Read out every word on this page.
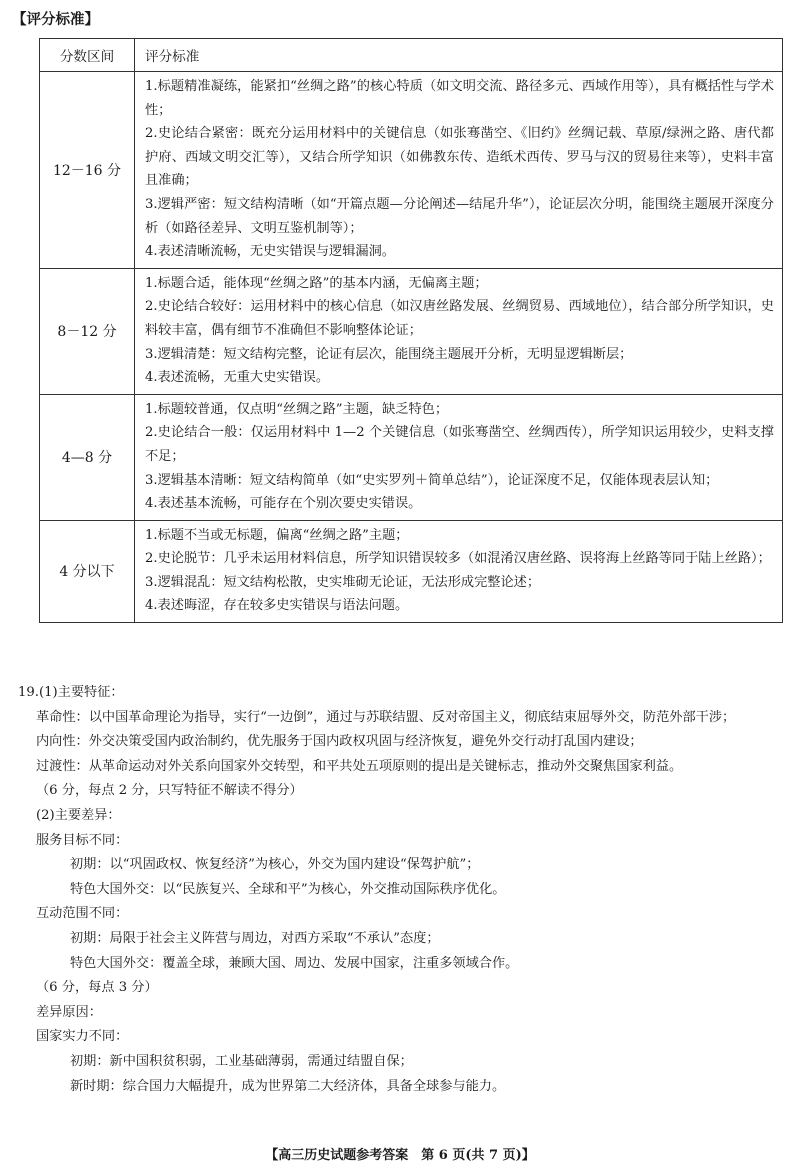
【评分标准】
分数区间	评分标准
12－16 分	1.标题精准凝练，能紧扣“丝绸之路”的核心特质（如文明交流、路径多元、西域作用等），具有概括性与学术性；
2.史论结合紧密：既充分运用材料中的关键信息（如张骞凿空、《旧约》丝绸记载、草原/绿洲之路、唐代都护府、西域文明交汇等），又结合所学知识（如佛教东传、造纸术西传、罗马与汉的贸易往来等），史料丰富且准确；
3.逻辑严密：短文结构清晰（如“开篇点题—分论阐述—结尾升华”），论证层次分明，能围绕主题展开深度分析（如路径差异、文明互鉴机制等）；
4.表述清晰流畅，无史实错误与逻辑漏洞。

8－12 分	1.标题合适，能体现“丝绸之路”的基本内涵，无偏离主题；
2.史论结合较好：运用材料中的核心信息（如汉唐丝路发展、丝绸贸易、西域地位），结合部分所学知识，史料较丰富，偶有细节不准确但不影响整体论证；
3.逻辑清楚：短文结构完整，论证有层次，能围绕主题展开分析，无明显逻辑断层；
4.表述流畅，无重大史实错误。

4—8 分	1.标题较普通，仅点明“丝绸之路”主题，缺乏特色；
2.史论结合一般：仅运用材料中 1—2 个关键信息（如张骞凿空、丝绸西传），所学知识运用较少，史料支撑不足；
3.逻辑基本清晰：短文结构简单（如“史实罗列＋简单总结”），论证深度不足，仅能体现表层认知；
4.表述基本流畅，可能存在个别次要史实错误。

4 分以下	1.标题不当或无标题，偏离“丝绸之路”主题；
2.史论脱节：几乎未运用材料信息，所学知识错误较多（如混淆汉唐丝路、误将海上丝路等同于陆上丝路）；
3.逻辑混乱：短文结构松散，史实堆砌无论证，无法形成完整论述；
4.表述晦涩，存在较多史实错误与语法问题。
19.(1)主要特征：
革命性：以中国革命理论为指导，实行“一边倒”，通过与苏联结盟、反对帝国主义，彻底结束屈辱外交，防范外部干涉；
内向性：外交决策受国内政治制约，优先服务于国内政权巩固与经济恢复，避免外交行动打乱国内建设；
过渡性：从革命运动对外关系向国家外交转型，和平共处五项原则的提出是关键标志，推动外交聚焦国家利益。
（6 分，每点 2 分，只写特征不解读不得分）
(2)主要差异：
服务目标不同：
初期：以“巩固政权、恢复经济”为核心，外交为国内建设“保驾护航”；
特色大国外交：以“民族复兴、全球和平”为核心，外交推动国际秩序优化。
互动范围不同：
初期：局限于社会主义阵营与周边，对西方采取“不承认”态度；
特色大国外交：覆盖全球，兼顾大国、周边、发展中国家，注重多领域合作。
（6 分，每点 3 分）
差异原因：
国家实力不同：
初期：新中国积贫积弱，工业基础薄弱，需通过结盟自保；
新时期：综合国力大幅提升，成为世界第二大经济体，具备全球参与能力。
【高三历史试题参考答案　第 6 页(共 7 页)】
